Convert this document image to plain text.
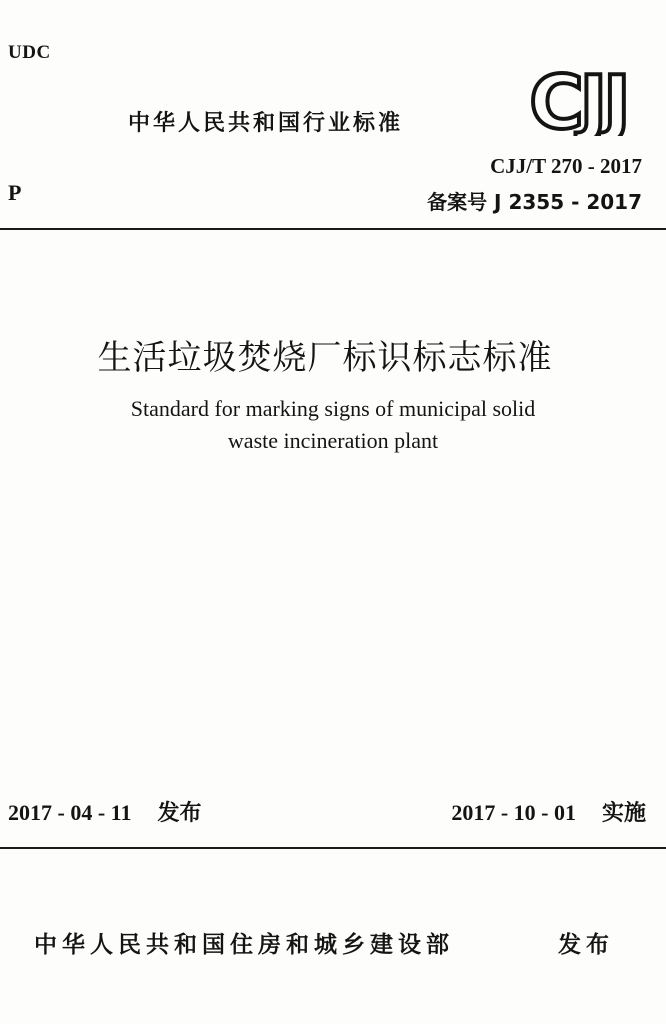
UDC
中华人民共和国行业标准 CJJ
CJJ/T 270 - 2017
P	备案号 J 2355 - 2017
生活垃圾焚烧厂标识标志标准
Standard for marking signs of municipal solid
waste incineration plant
2017 - 04 - 11 发布	2017 - 10 - 01 实施
中华人民共和国住房和城乡建设部	发布
